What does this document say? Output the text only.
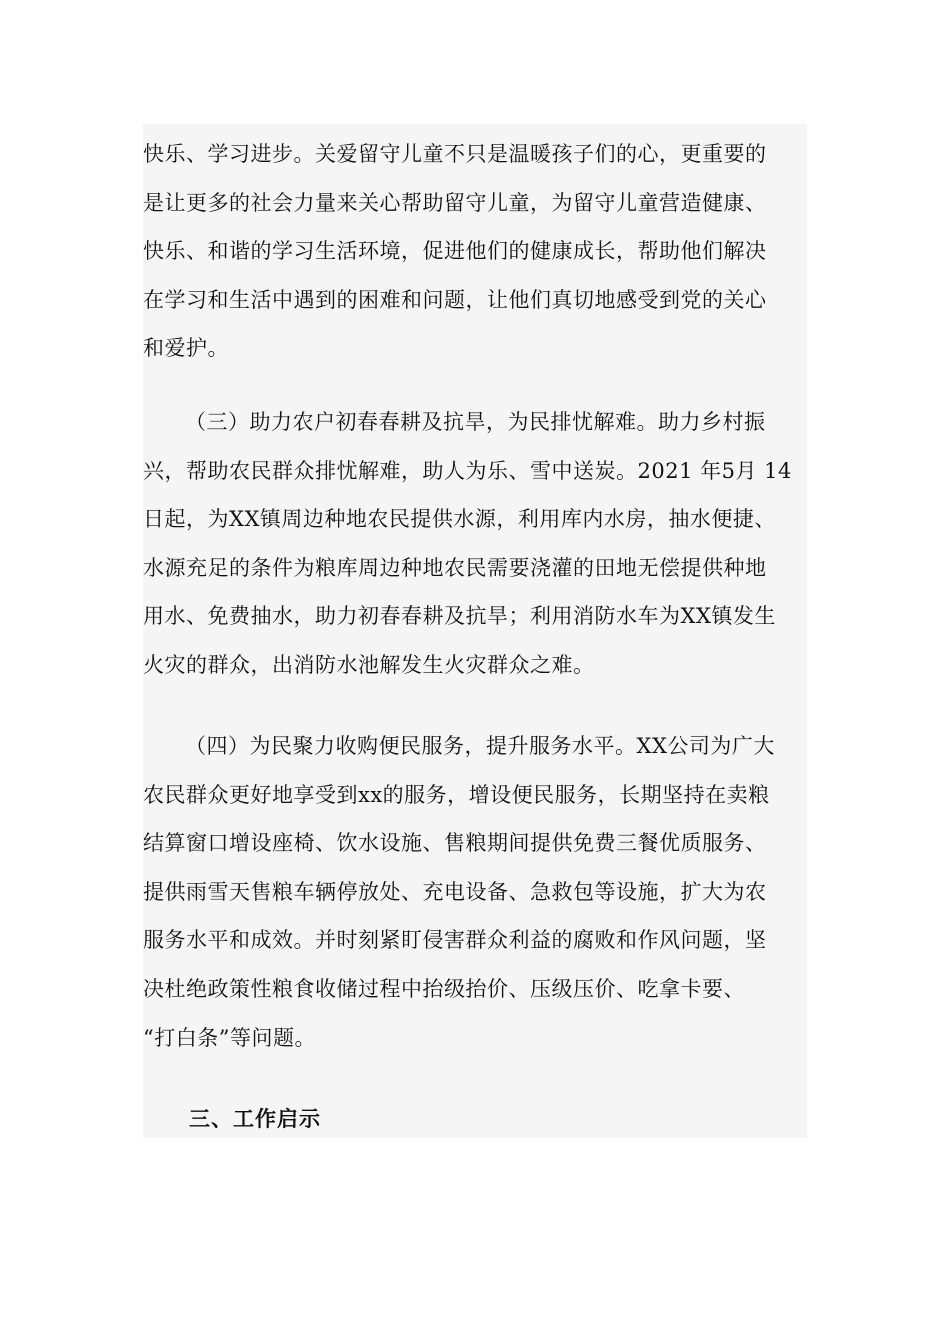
快乐、学习进步。关爱留守儿童不只是温暖孩子们的心，更重要的
是让更多的社会力量来关心帮助留守儿童，为留守儿童营造健康、
快乐、和谐的学习生活环境，促进他们的健康成长，帮助他们解决
在学习和生活中遇到的困难和问题，让他们真切地感受到党的关心
和爱护。
（三）助力农户初春春耕及抗旱，为民排忧解难。助力乡村振
兴，帮助农民群众排忧解难，助人为乐、雪中送炭。2021 年5月 14
日起，为XX镇周边种地农民提供水源，利用库内水房，抽水便捷、
水源充足的条件为粮库周边种地农民需要浇灌的田地无偿提供种地
用水、免费抽水，助力初春春耕及抗旱；利用消防水车为XX镇发生
火灾的群众，出消防水池解发生火灾群众之难。
（四）为民聚力收购便民服务，提升服务水平。XX公司为广大
农民群众更好地享受到xx的服务，增设便民服务，长期坚持在卖粮
结算窗口增设座椅、饮水设施、售粮期间提供免费三餐优质服务、
提供雨雪天售粮车辆停放处、充电设备、急救包等设施，扩大为农
服务水平和成效。并时刻紧盯侵害群众利益的腐败和作风问题，坚
决杜绝政策性粮食收储过程中抬级抬价、压级压价、吃拿卡要、
“打白条”等问题。
三、工作启示
